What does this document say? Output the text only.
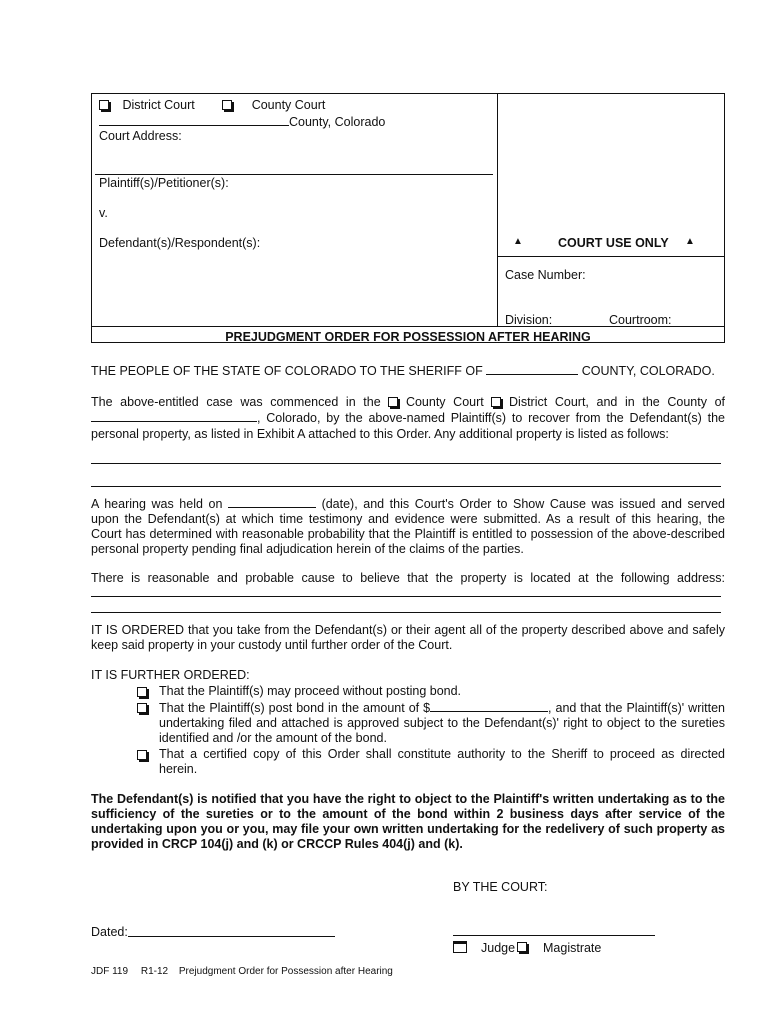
District Court	County Court
County, Colorado
Court Address:
Plaintiff(s)/Petitioner(s):
v.
Defendant(s)/Respondent(s):	▲	COURT USE ONLY ▲
Case Number:
Division:	Courtroom:
PREJUDGMENT ORDER FOR POSSESSION AFTER HEARING
THE PEOPLE OF THE STATE OF COLORADO TO THE SHERIFF OF	COUNTY, COLORADO.
The above-entitled case was commenced in the County Court District Court, and in the County of
, Colorado, by the above-named Plaintiff(s) to recover from the Defendant(s) the
personal property, as listed in Exhibit A attached to this Order. Any additional property is listed as follows:
A hearing was held on	(date), and this Court's Order to Show Cause was issued and served
upon the Defendant(s) at which time testimony and evidence were submitted. As a result of this hearing, the
Court has determined with reasonable probability that the Plaintiff is entitled to possession of the above-described
personal property pending final adjudication herein of the claims of the parties.
There is reasonable and probable cause to believe that the property is located at the following address:
IT IS ORDERED that you take from the Defendant(s) or their agent all of the property described above and safely
keep said property in your custody until further order of the Court.
IT IS FURTHER ORDERED:
That the Plaintiff(s) may proceed without posting bond.
That the Plaintiff(s) post bond in the amount of $	, and that the Plaintiff(s)' written
undertaking filed and attached is approved subject to the Defendant(s)' right to object to the sureties
identified and /or the amount of the bond.
That a certified copy of this Order shall constitute authority to the Sheriff to proceed as directed
herein.
The Defendant(s) is notified that you have the right to object to the Plaintiff's written undertaking as to the
sufficiency of the sureties or to the amount of the bond within 2 business days after service of the
undertaking upon you or you, may file your own written undertaking for the redelivery of such property as
provided in CRCP 104(j) and (k) or CRCCP Rules 404(j) and (k).
BY THE COURT:
Dated:
Judge Magistrate
JDF 119 R1-12 Prejudgment Order for Possession after Hearing
